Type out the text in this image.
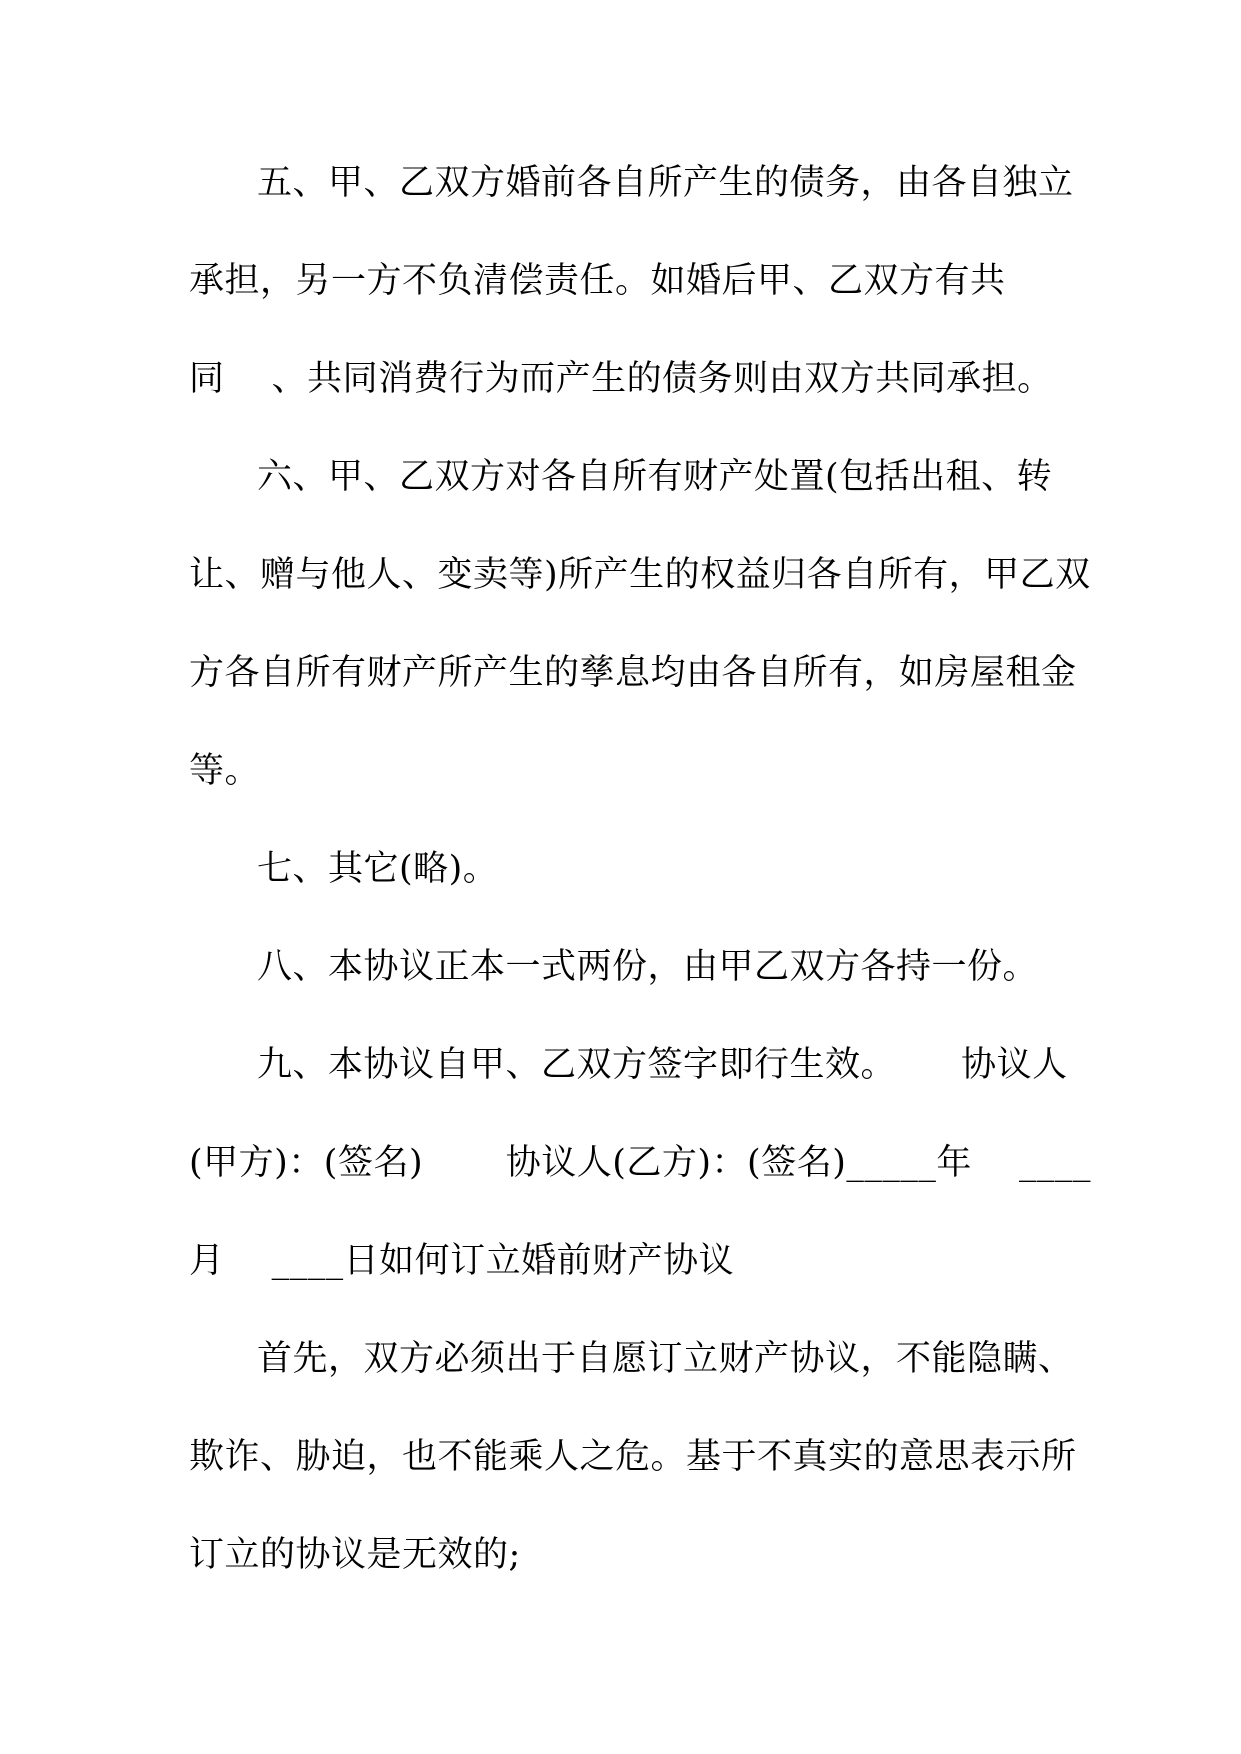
五、甲、乙双方婚前各自所产生的债务，由各自独立
承担，另一方不负清偿责任。如婚后甲、乙双方有共
同　 、共同消费行为而产生的债务则由双方共同承担。
六、甲、乙双方对各自所有财产处置(包括出租、转
让、赠与他人、变卖等)所产生的权益归各自所有，甲乙双
方各自所有财产所产生的孳息均由各自所有，如房屋租金
等。
七、其它(略)。
八、本协议正本一式两份，由甲乙双方各持一份。
九、本协议自甲、乙双方签字即行生效。　　 协议人
(甲方)：(签名)　　 协议人(乙方)：(签名)_____年　 ____
月　 ____日如何订立婚前财产协议
首先，双方必须出于自愿订立财产协议，不能隐瞒、
欺诈、胁迫，也不能乘人之危。基于不真实的意思表示所
订立的协议是无效的;
